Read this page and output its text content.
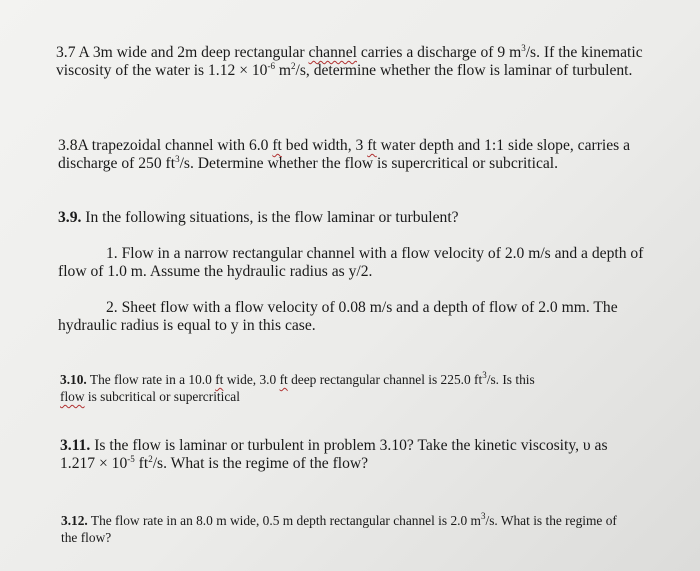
3.7 A 3m wide and 2m deep rectangular channel carries a discharge of 9 $m^3/s$. If the kinematic
viscosity of the water is $1.12 \times 10^{-6}$ $m^2/s$, determine whether the flow is laminar of turbulent.
3.8A trapezoidal channel with 6.0 ft bed width, 3 ft water depth and 1:1 side slope, carries a
discharge of 250 $ft^3/s$. Determine whether the flow is supercritical or subcritical.
3.9. In the following situations, is the flow laminar or turbulent?
1. Flow in a narrow rectangular channel with a flow velocity of 2.0 m/s and a depth of
flow of 1.0 m. Assume the hydraulic radius as y/2.
2. Sheet flow with a flow velocity of 0.08 m/s and a depth of flow of 2.0 mm. The
hydraulic radius is equal to y in this case.
3.10. The flow rate in a 10.0 ft wide, 3.0 ft deep rectangular channel is 225.0 $ft^3/s$. Is this
flow is subcritical or supercritical
3.11. Is the flow is laminar or turbulent in problem 3.10? Take the kinetic viscosity, υ as
$1.217 \times 10^{-5}$ $ft^2/s$. What is the regime of the flow?
3.12. The flow rate in an 8.0 m wide, 0.5 m depth rectangular channel is 2.0 $m^3/s$. What is the regime of
the flow?
